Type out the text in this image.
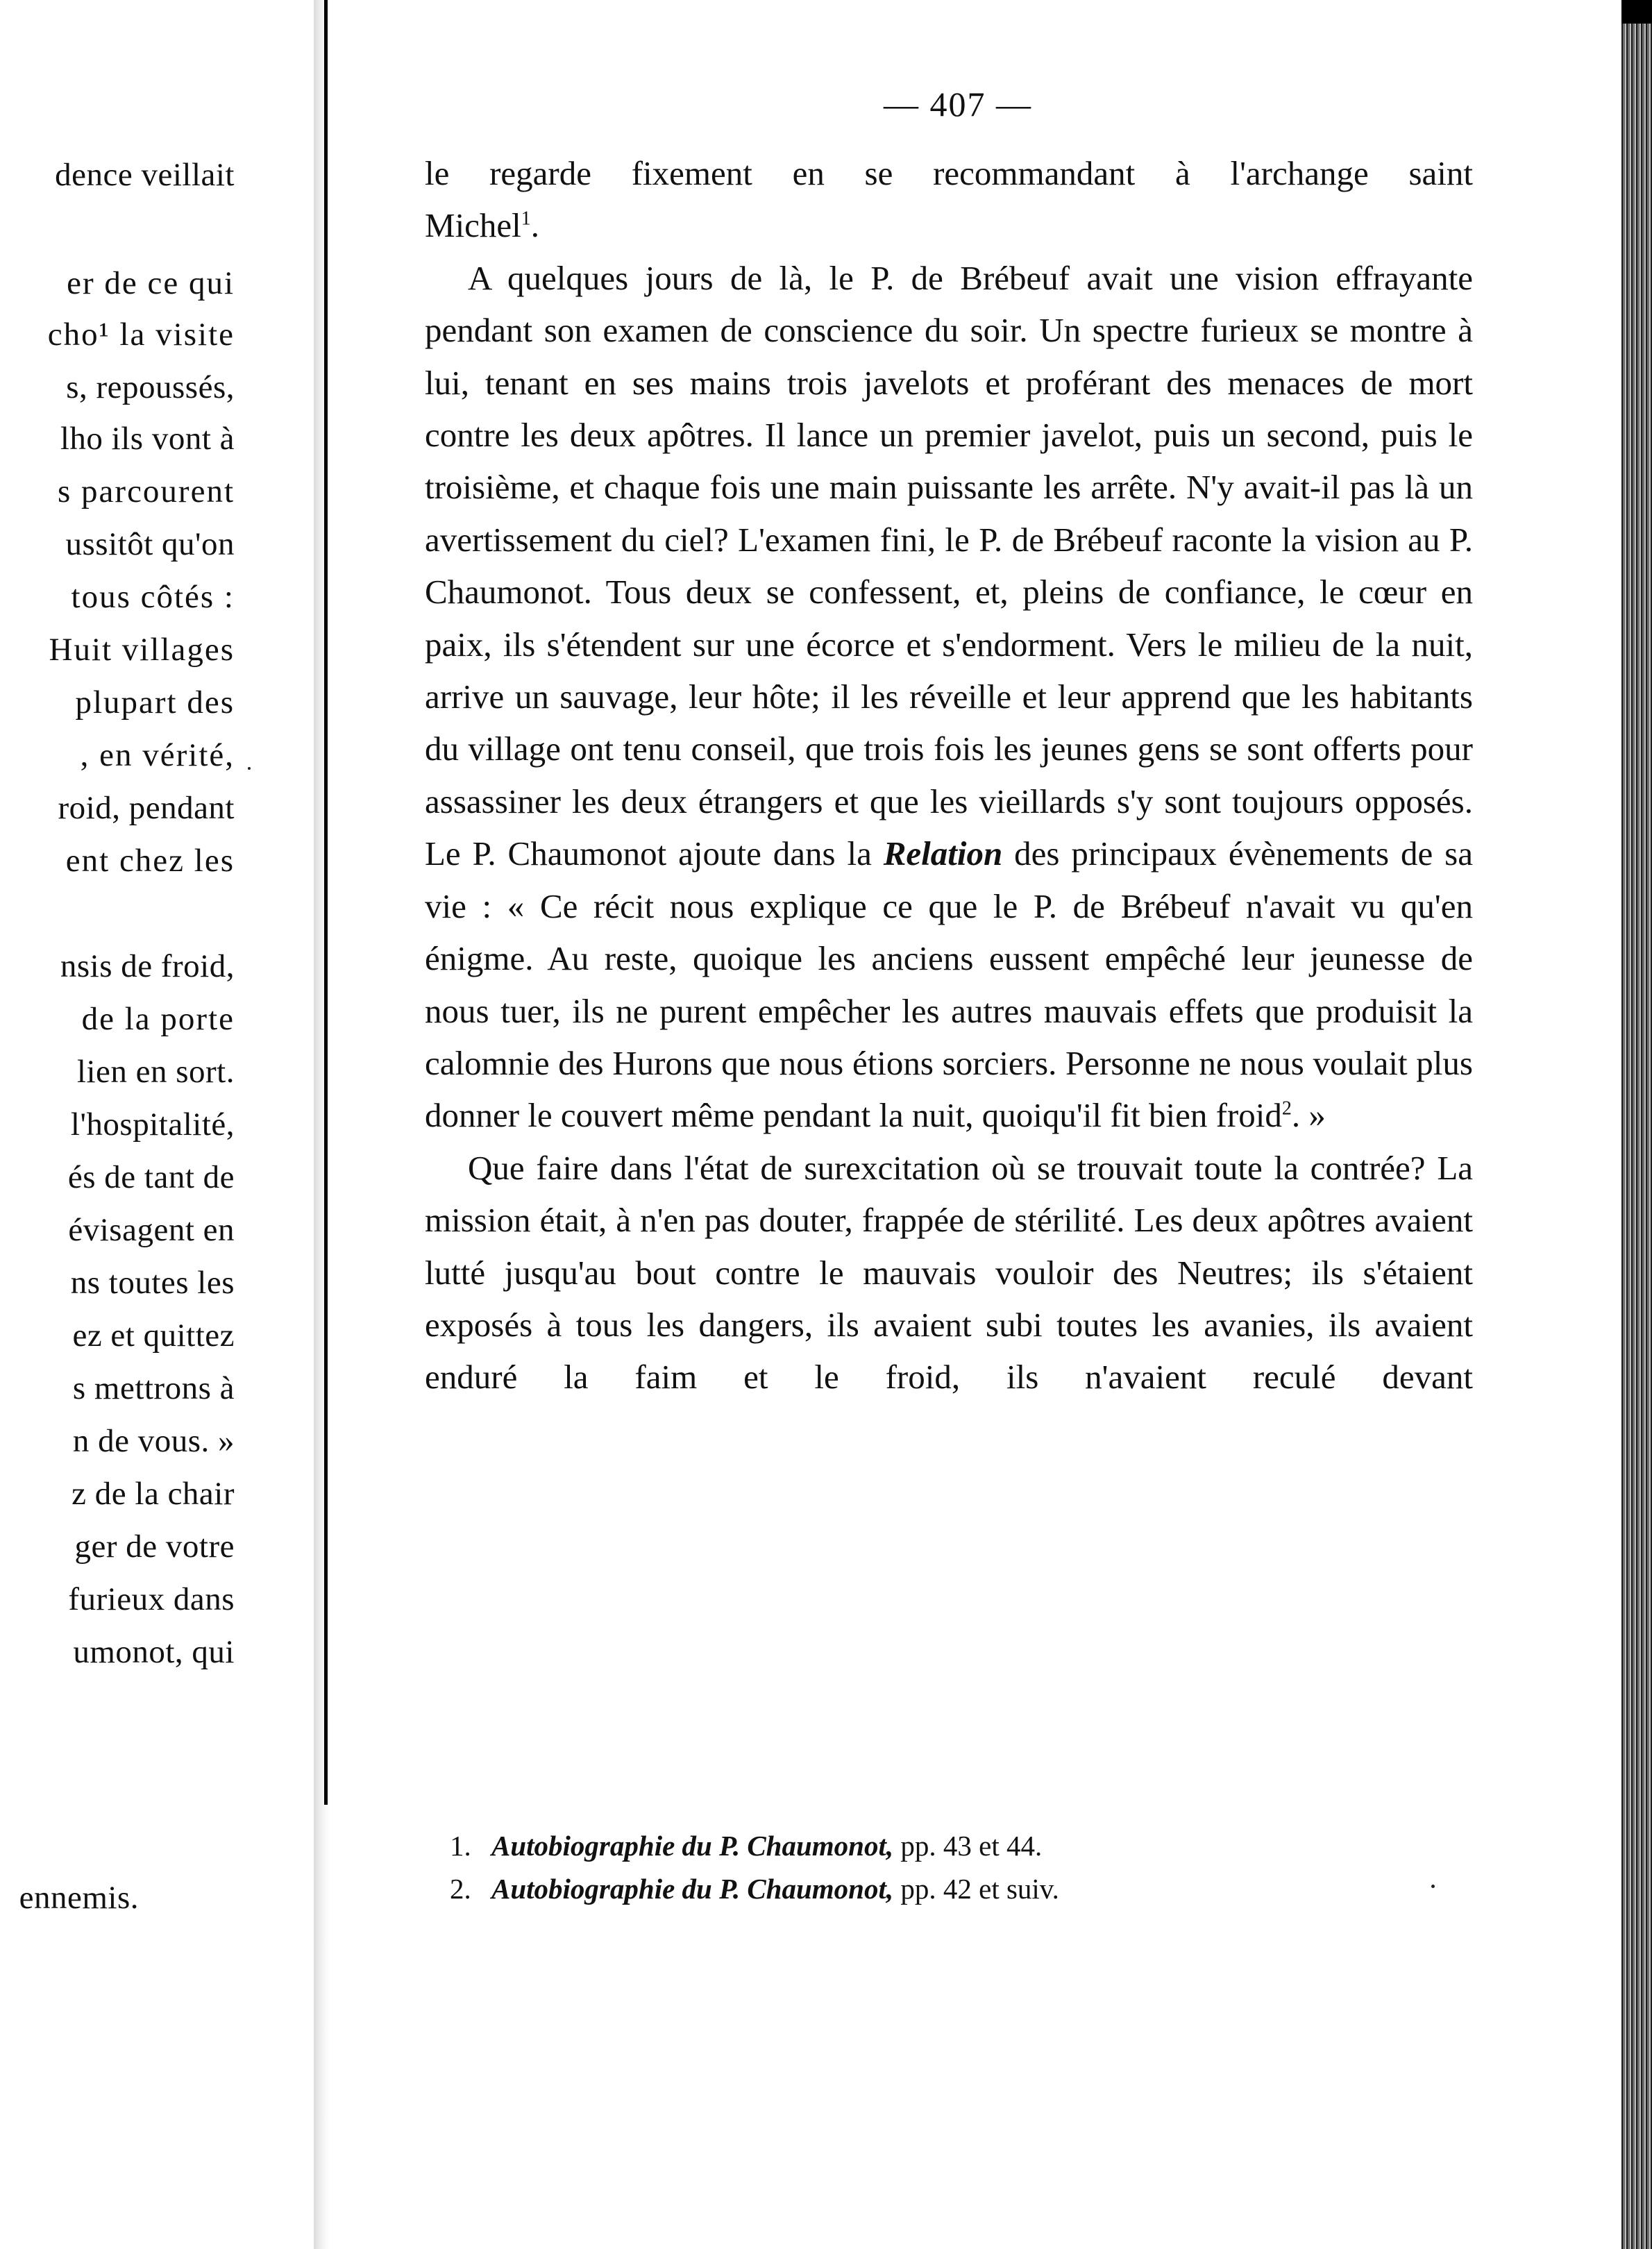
dence veillait
er de ce qui
cho¹ la visite
s, repoussés,
lho ils vont à
s parcourent
ussitôt qu'on
tous côtés :
Huit villages
plupart des
, en vérité,
roid, pendant
ent chez les
nsis de froid,
de la porte
lien en sort.
l'hospitalité,
és de tant de
évisagent en
ns toutes les
ez et quittez
s mettrons à
n de vous. »
z de la chair
ger de votre
furieux dans
umonot, qui
ennemis.
— 407 —

le regarde fixement en se recommandant à l'archange saint
Michel$^1$.

A quelques jours de là, le P. de Brébeuf avait une vision effrayante pendant son examen de conscience du soir. Un spectre furieux se montre à lui, tenant en ses mains trois javelots et proférant des menaces de mort contre les deux apôtres. Il lance un premier javelot, puis un second, puis le troisième, et chaque fois une main puissante les arrête. N'y avait-il pas là un avertissement du ciel? L'examen fini, le P. de Brébeuf raconte la vision au P. Chaumonot. Tous deux se confessent, et, pleins de confiance, le cœur en paix, ils s'étendent sur une écorce et s'endorment. Vers le milieu de la nuit, arrive un sauvage, leur hôte; il les réveille et leur apprend que les habitants du village ont tenu conseil, que trois fois les jeunes gens se sont offerts pour assassiner les deux étrangers et que les vieillards s'y sont toujours opposés. Le P. Chaumonot ajoute dans la Relation des principaux évènements de sa vie : « Ce récit nous explique ce que le P. de Brébeuf n'avait vu qu'en énigme. Au reste, quoique les anciens eussent empêché leur jeunesse de nous tuer, ils ne purent empêcher les autres mauvais effets que produisit la calomnie des Hurons que nous étions sorciers. Personne ne nous voulait plus donner le couvert même pendant la nuit, quoiqu'il fit bien froid$^2$. »

Que faire dans l'état de surexcitation où se trouvait toute la contrée? La mission était, à n'en pas douter, frappée de stérilité. Les deux apôtres avaient lutté jusqu'au bout contre le mauvais vouloir des Neutres; ils s'étaient exposés à tous les dangers, ils avaient subi toutes les avanies, ils avaient enduré la faim et le froid, ils n'avaient reculé devant

1. Autobiographie du P. Chaumonot, pp. 43 et 44.
2. Autobiographie du P. Chaumonot, pp. 42 et suiv.
